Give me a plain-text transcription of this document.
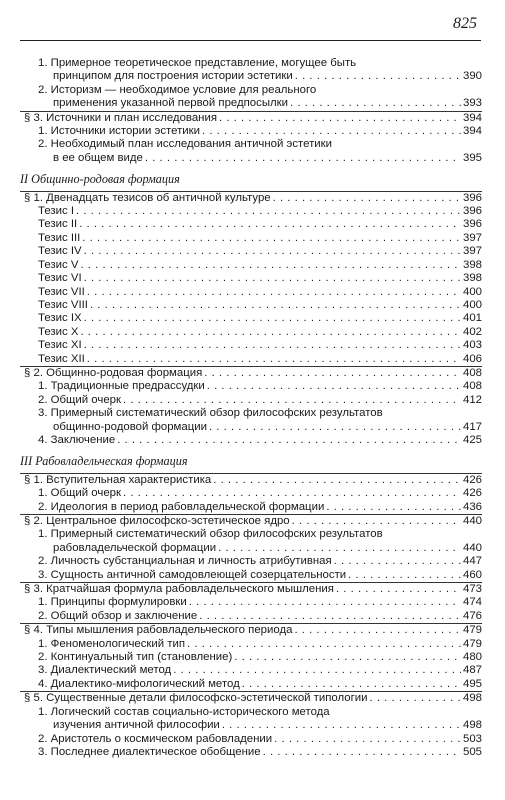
825
1. Примерное теоретическое представление, могущее быть
принципом для построения истории эстетики . . .	390
2. Историзм — необходимое условие для реального
применения указанной первой предпосылки . . .	393
§ 3. Источники и план исследования . . .	394
1. Источники истории эстетики . . .	394
2. Необходимый план исследования античной эстетики
в ее общем виде . . .	395
II Общинно-родовая формация
§ 1. Двенадцать тезисов об античной культуре . . .	396
Тезис I . . .	396
Тезис II . . .	396
Тезис III . . .	397
Тезис IV . . .	397
Тезис V . . .	398
Тезис VI . . .	398
Тезис VII . . .	400
Тезис VIII . . .	400
Тезис IX . . .	401
Тезис X . . .	402
Тезис XI . . .	403
Тезис XII . . .	406
§ 2. Общинно-родовая формация . . .	408
1. Традиционные предрассудки . . .	408
2. Общий очерк . . .	412
3. Примерный систематический обзор философских результатов
общинно-родовой формации . . .	417
4. Заключение . . .	425
III Рабовладельческая формация
§ 1. Вступительная характеристика . . .	426
1. Общий очерк . . .	426
2. Идеология в период рабовладельческой формации . . .	436
§ 2. Центральное философско-эстетическое ядро . . .	440
1. Примерный систематический обзор философских результатов
рабовладельческой формации . . .	440
2. Личность субстанциальная и личность атрибутивная . . .	447
3. Сущность античной самодовлеющей созерцательности . . .	460
§ 3. Кратчайшая формула рабовладельческого мышления . . .	473
1. Принципы формулировки . . .	474
2. Общий обзор и заключение . . .	476
§ 4. Типы мышления рабовладельческого периода . . .	479
1. Феноменологический тип . . .	479
2. Континуальный тип (становление) . . .	480
3. Диалектический метод . . .	487
4. Диалектико-мифологический метод . . .	495
§ 5. Существенные детали философско-эстетической типологии . . .	498
1. Логический состав социально-исторического метода
изучения античной философии . . .	498
2. Аристотель о космическом рабовладении . . .	503
3. Последнее диалектическое обобщение . . .	505
